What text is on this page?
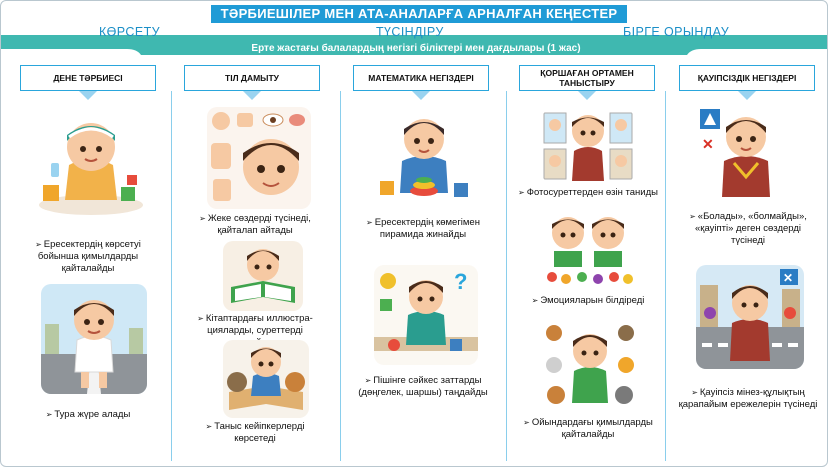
ТӘРБИЕШІЛЕР МЕН АТА-АНАЛАРҒА АРНАЛҒАН КЕҢЕСТЕР
КӨРСЕТУ	ТҮСІНДІРУ	БІРГЕ ОРЫНДАУ
Ерте жастағы балалардың негізгі біліктері мен дағдылары (1 жас)
ДЕНЕ ТӘРБИЕСІ
➢ Ересектердің көрсетуі бойынша қимылдарды қайталайды
➢ Тура жүре алады
ТІЛ ДАМЫТУ
➢ Жеке сөздерді түсінеді, қайталап айтады
➢ Кітаптардағы иллюстра-цияларды, суреттерді
➢ Таныс кейіпкерлерді көрсетеді
МАТЕМАТИКА НЕГІЗДЕРІ
➢ Ересектердің көмегімен пирамида жинайды
?
➢ Пішінге сәйкес заттарды (дөңгелек, шаршы) таңдайды
ҚОРШАҒАН ОРТАМЕН ТАНЫСТЫРУ
➢ Фотосуреттерден өзін таниды
➢ Эмоцияларын білдіреді
➢ Ойындардағы қимылдарды қайталайды
ҚАУІПСІЗДІК НЕГІЗДЕРІ
✕
➢ «Болады», «болмайды», «қауіпті» деген сөздерді түсінеді
✕
➢ Қауіпсіз мінез-құлықтың қарапайым ережелерін түсінеді
